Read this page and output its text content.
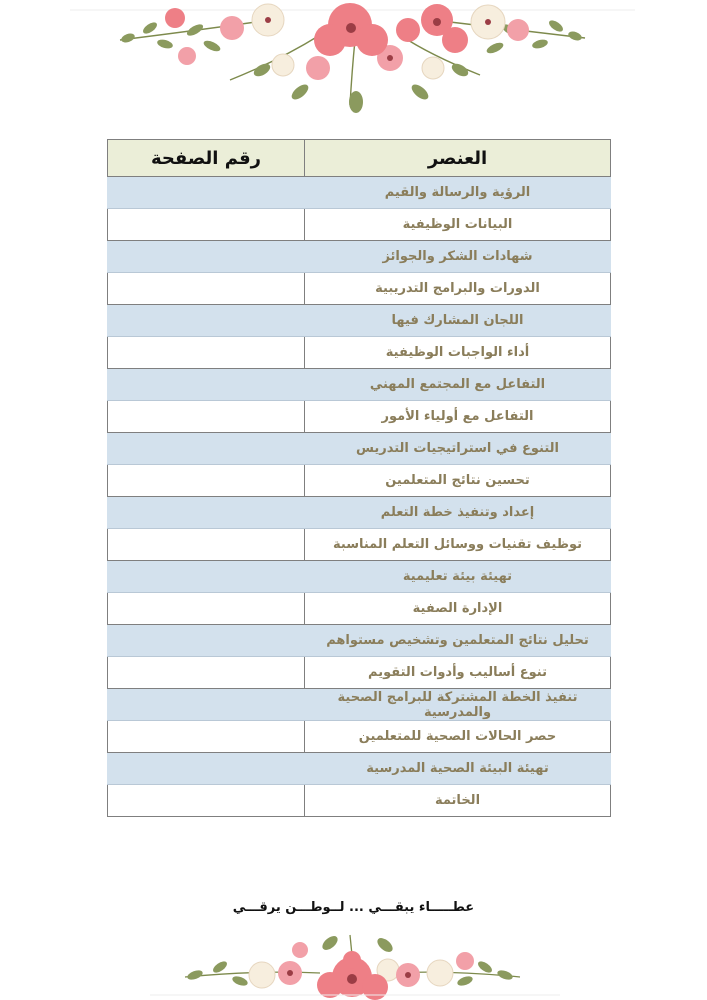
العنصر	رقم الصفحة
الرؤية والرسالة والقيم	
البيانات الوظيفية	
شهادات الشكر والجوائز	
الدورات والبرامج التدريبية	
اللجان المشارك فيها	
أداء الواجبات الوظيفية	
التفاعل مع المجتمع المهني	
التفاعل مع أولياء الأمور	
التنوع في استراتيجيات التدريس	
تحسين نتائج المتعلمين	
إعداد وتنفيذ خطة التعلم	
توظيف تقنيات ووسائل التعلم المناسبة	
تهيئة بيئة تعليمية	
الإدارة الصفية	
تحليل نتائج المتعلمين وتشخيص مستواهم	
تنوع أساليب وأدوات التقويم	
تنفيذ الخطة المشتركة للبرامج الصحية والمدرسية	
حصر الحالات الصحية للمتعلمين	
تهيئة البيئة الصحية المدرسية	
الخاتمة	
عطـــــاء يبقـــي ... لــوطـــن يرقـــي
